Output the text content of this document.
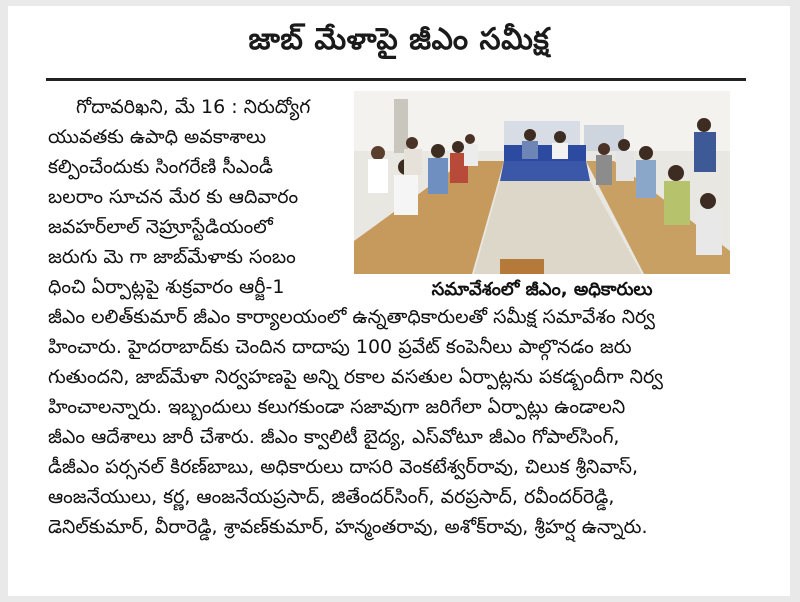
జాబ్ మేళాపై జీఎం సమీక్ష
గోదావరిఖని, మే 16 : నిరుద్యోగ
యువతకు ఉపాధి అవకాశాలు
కల్పించేందుకు సింగరేణి సీఎండీ
బలరాం సూచన మేర కు ఆదివారం
జవహర్‌లాల్ నెహ్రూస్టేడియంలో
జరుగు మె గా జాబ్‌మేళాకు సంబం
ధించి ఏర్పాట్లపై శుక్రవారం ఆర్జీ-1
జీఎం లలిత్‌కుమార్ జీఎం కార్యాలయంలో ఉన్నతాధికారులతో సమీక్ష సమావేశం నిర్వ
హించారు. హైదరాబాద్‌కు చెందిన దాదాపు 100 ప్రవేట్ కంపెనీలు పాల్గొనడం జరు
గుతుందని, జాబ్‌మేళా నిర్వహణపై అన్ని రకాల వసతుల ఏర్పాట్లను పకడ్బందీగా నిర్వ
హించాలన్నారు. ఇబ్బందులు కలుగకుండా సజావుగా జరిగేలా ఏర్పాట్లు ఉండాలని
జీఎం ఆదేశాలు జారీ చేశారు. జీఎం క్వాలిటీ బైద్య, ఎస్‌వోటూ జీఎం గోపాల్‌సింగ్,
డీజీఎం పర్సనల్ కిరణ్‌బాబు, అధికారులు దాసరి వెంకటేశ్వర్‌రావు, చిలుక శ్రీనివాస్,
ఆంజనేయులు, కర్ణ, ఆంజనేయప్రసాద్, జితేందర్‌సింగ్, వరప్రసాద్, రవీందర్‌రెడ్డి,
డెనిల్‌కుమార్, వీరారెడ్డి, శ్రావణ్‌కుమార్, హన్మంతరావు, అశోక్‌రావు, శ్రీహర్ష ఉన్నారు.
సమావేశంలో జీఎం, అధికారులు
